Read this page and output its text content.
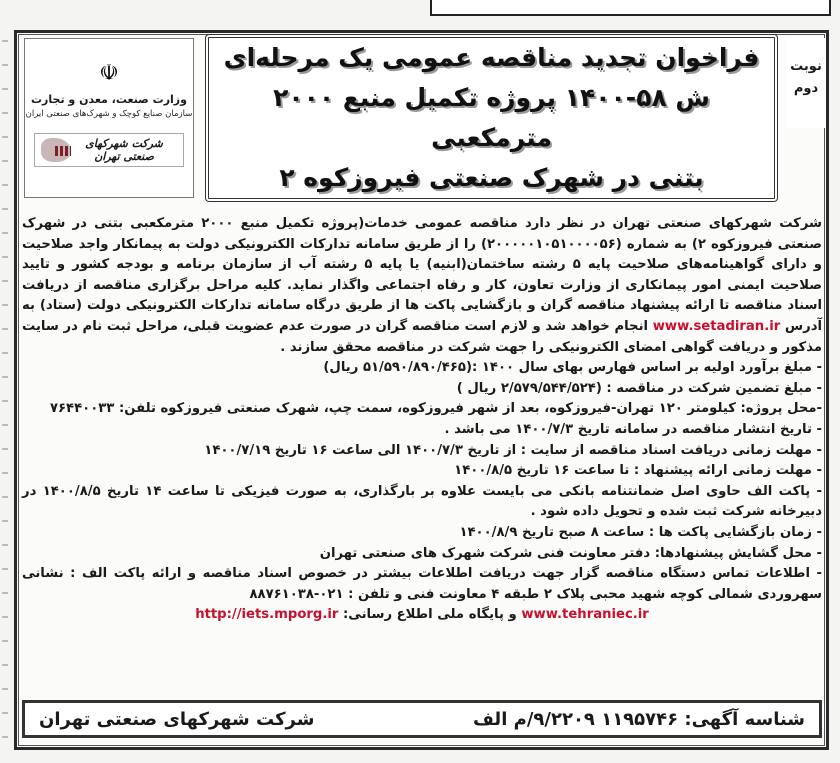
☫
وزارت صنعت، معدن و تجارت
سازمان صنایع کوچک و شهرک‌های صنعتی ایران
شرکت شهرکهای صنعتی تهران
فراخوان تجدید مناقصه عمومی یک مرحله‌ای
ش ۵۸-۱۴۰۰ پروژه تکمیل منبع ۲۰۰۰ مترمکعبی
بتنی در شهرک صنعتی فیروزکوه ۲
نوبت
دوم

شرکت شهرکهای صنعتی تهران در نظر دارد مناقصه عمومی خدمات(پروژه تکمیل منبع ۲۰۰۰ مترمکعبی بتنی در شهرک صنعتی فیروزکوه ۲) به شماره (۲۰۰۰۰۰۱۰۵۱۰۰۰۰۵۶) را از طریق سامانه تدارکات الکترونیکی دولت به پیمانکار واجد صلاحیت و دارای گواهینامه‌های صلاحیت پایه ۵ رشته ساختمان(ابنیه) یا پایه ۵ رشته آب از سازمان برنامه و بودجه کشور و تایید صلاحیت ایمنی امور پیمانکاری از وزارت تعاون، کار و رفاه اجتماعی واگذار نماید. کلیه مراحل برگزاری مناقصه از دریافت اسناد مناقصه تا ارائه پیشنهاد مناقصه گران و بازگشایی پاکت ها از طریق درگاه سامانه تدارکات الکترونیکی دولت (ستاد) به آدرس www.setadiran.ir انجام خواهد شد و لازم است مناقصه گران در صورت عدم عضویت قبلی، مراحل ثبت نام در سایت مذکور و دریافت گواهی امضای الکترونیکی را جهت شرکت در مناقصه محقق سازند .

- مبلغ برآورد اولیه بر اساس فهارس بهای سال ۱۴۰۰ :(۵۱/۵۹۰/۸۹۰/۴۶۵ ریال)

- مبلغ تضمین شرکت در مناقصه : (۲/۵۷۹/۵۴۴/۵۲۴ ریال )

-محل پروژه: کیلومتر ۱۲۰ تهران-فیروزکوه، بعد از شهر فیروزکوه، سمت چپ، شهرک صنعتی فیروزکوه تلفن: ۷۶۴۴۰۰۳۳

- تاریخ انتشار مناقصه در سامانه تاریخ ۱۴۰۰/۷/۳ می باشد .

- مهلت زمانی دریافت اسناد مناقصه از سایت : از تاریخ ۱۴۰۰/۷/۳ الی ساعت ۱۶ تاریخ ۱۴۰۰/۷/۱۹

- مهلت زمانی ارائه پیشنهاد : تا ساعت ۱۶ تاریخ ۱۴۰۰/۸/۵

- پاکت الف حاوی اصل ضمانتنامه بانکی می بایست علاوه بر بارگذاری، به صورت فیزیکی تا ساعت ۱۴ تاریخ ۱۴۰۰/۸/۵ در دبیرخانه شرکت ثبت شده و تحویل داده شود .

- زمان بازگشایی پاکت ها : ساعت ۸ صبح تاریخ ۱۴۰۰/۸/۹

- محل گشایش پیشنهادها: دفتر معاونت فنی شرکت شهرک های صنعتی تهران

- اطلاعات تماس دستگاه مناقصه گزار جهت دریافت اطلاعات بیشتر در خصوص اسناد مناقصه و ارائه پاکت الف : نشانی سهروردی شمالی کوچه شهید محبی پلاک ۲ طبقه ۴ معاونت فنی و تلفن : ۰۲۱-۸۸۷۶۱۰۳۸

www.tehraniec.ir و پایگاه ملی اطلاع رسانی: http://iets.mporg.ir

شناسه آگهی: ۱۱۹۵۷۴۶ ۹/۲۲۰۹/م الف
شرکت شهرکهای صنعتی تهران
